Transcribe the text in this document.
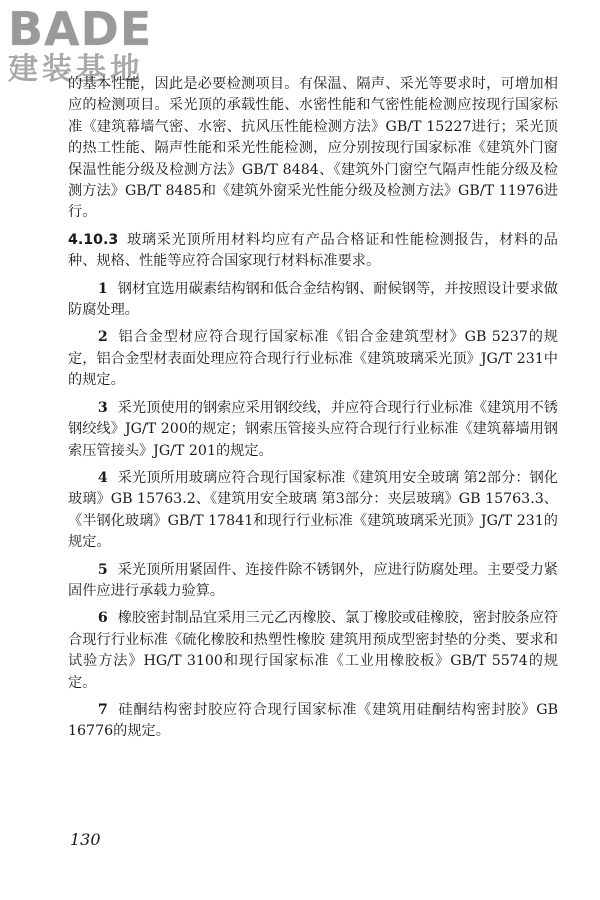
BADE
建装基地

的基本性能，因此是必要检测项目。有保温、隔声、采光等要求时，可增加相应的检测项目。采光顶的承载性能、水密性能和气密性能检测应按现行国家标准《建筑幕墙气密、水密、抗风压性能检测方法》GB/T 15227进行；采光顶的热工性能、隔声性能和采光性能检测，应分别按现行国家标准《建筑外门窗保温性能分级及检测方法》GB/T 8484、《建筑外门窗空气隔声性能分级及检测方法》GB/T 8485和《建筑外窗采光性能分级及检测方法》GB/T 11976进行。

4.10.3 玻璃采光顶所用材料均应有产品合格证和性能检测报告，材料的品种、规格、性能等应符合国家现行材料标准要求。

1 钢材宜选用碳素结构钢和低合金结构钢、耐候钢等，并按照设计要求做防腐处理。

2 铝合金型材应符合现行国家标准《铝合金建筑型材》GB 5237的规定，铝合金型材表面处理应符合现行行业标准《建筑玻璃采光顶》JG/T 231中的规定。

3 采光顶使用的钢索应采用钢绞线，并应符合现行行业标准《建筑用不锈钢绞线》JG/T 200的规定；钢索压管接头应符合现行行业标准《建筑幕墙用钢索压管接头》JG/T 201的规定。

4 采光顶所用玻璃应符合现行国家标准《建筑用安全玻璃 第2部分：钢化玻璃》GB 15763.2、《建筑用安全玻璃 第3部分：夹层玻璃》GB 15763.3、《半钢化玻璃》GB/T 17841和现行行业标准《建筑玻璃采光顶》JG/T 231的规定。

5 采光顶所用紧固件、连接件除不锈钢外，应进行防腐处理。主要受力紧固件应进行承载力验算。

6 橡胶密封制品宜采用三元乙丙橡胶、氯丁橡胶或硅橡胶，密封胶条应符合现行行业标准《硫化橡胶和热塑性橡胶 建筑用预成型密封垫的分类、要求和试验方法》HG/T 3100和现行国家标准《工业用橡胶板》GB/T 5574的规定。

7 硅酮结构密封胶应符合现行国家标准《建筑用硅酮结构密封胶》GB 16776的规定。

130
